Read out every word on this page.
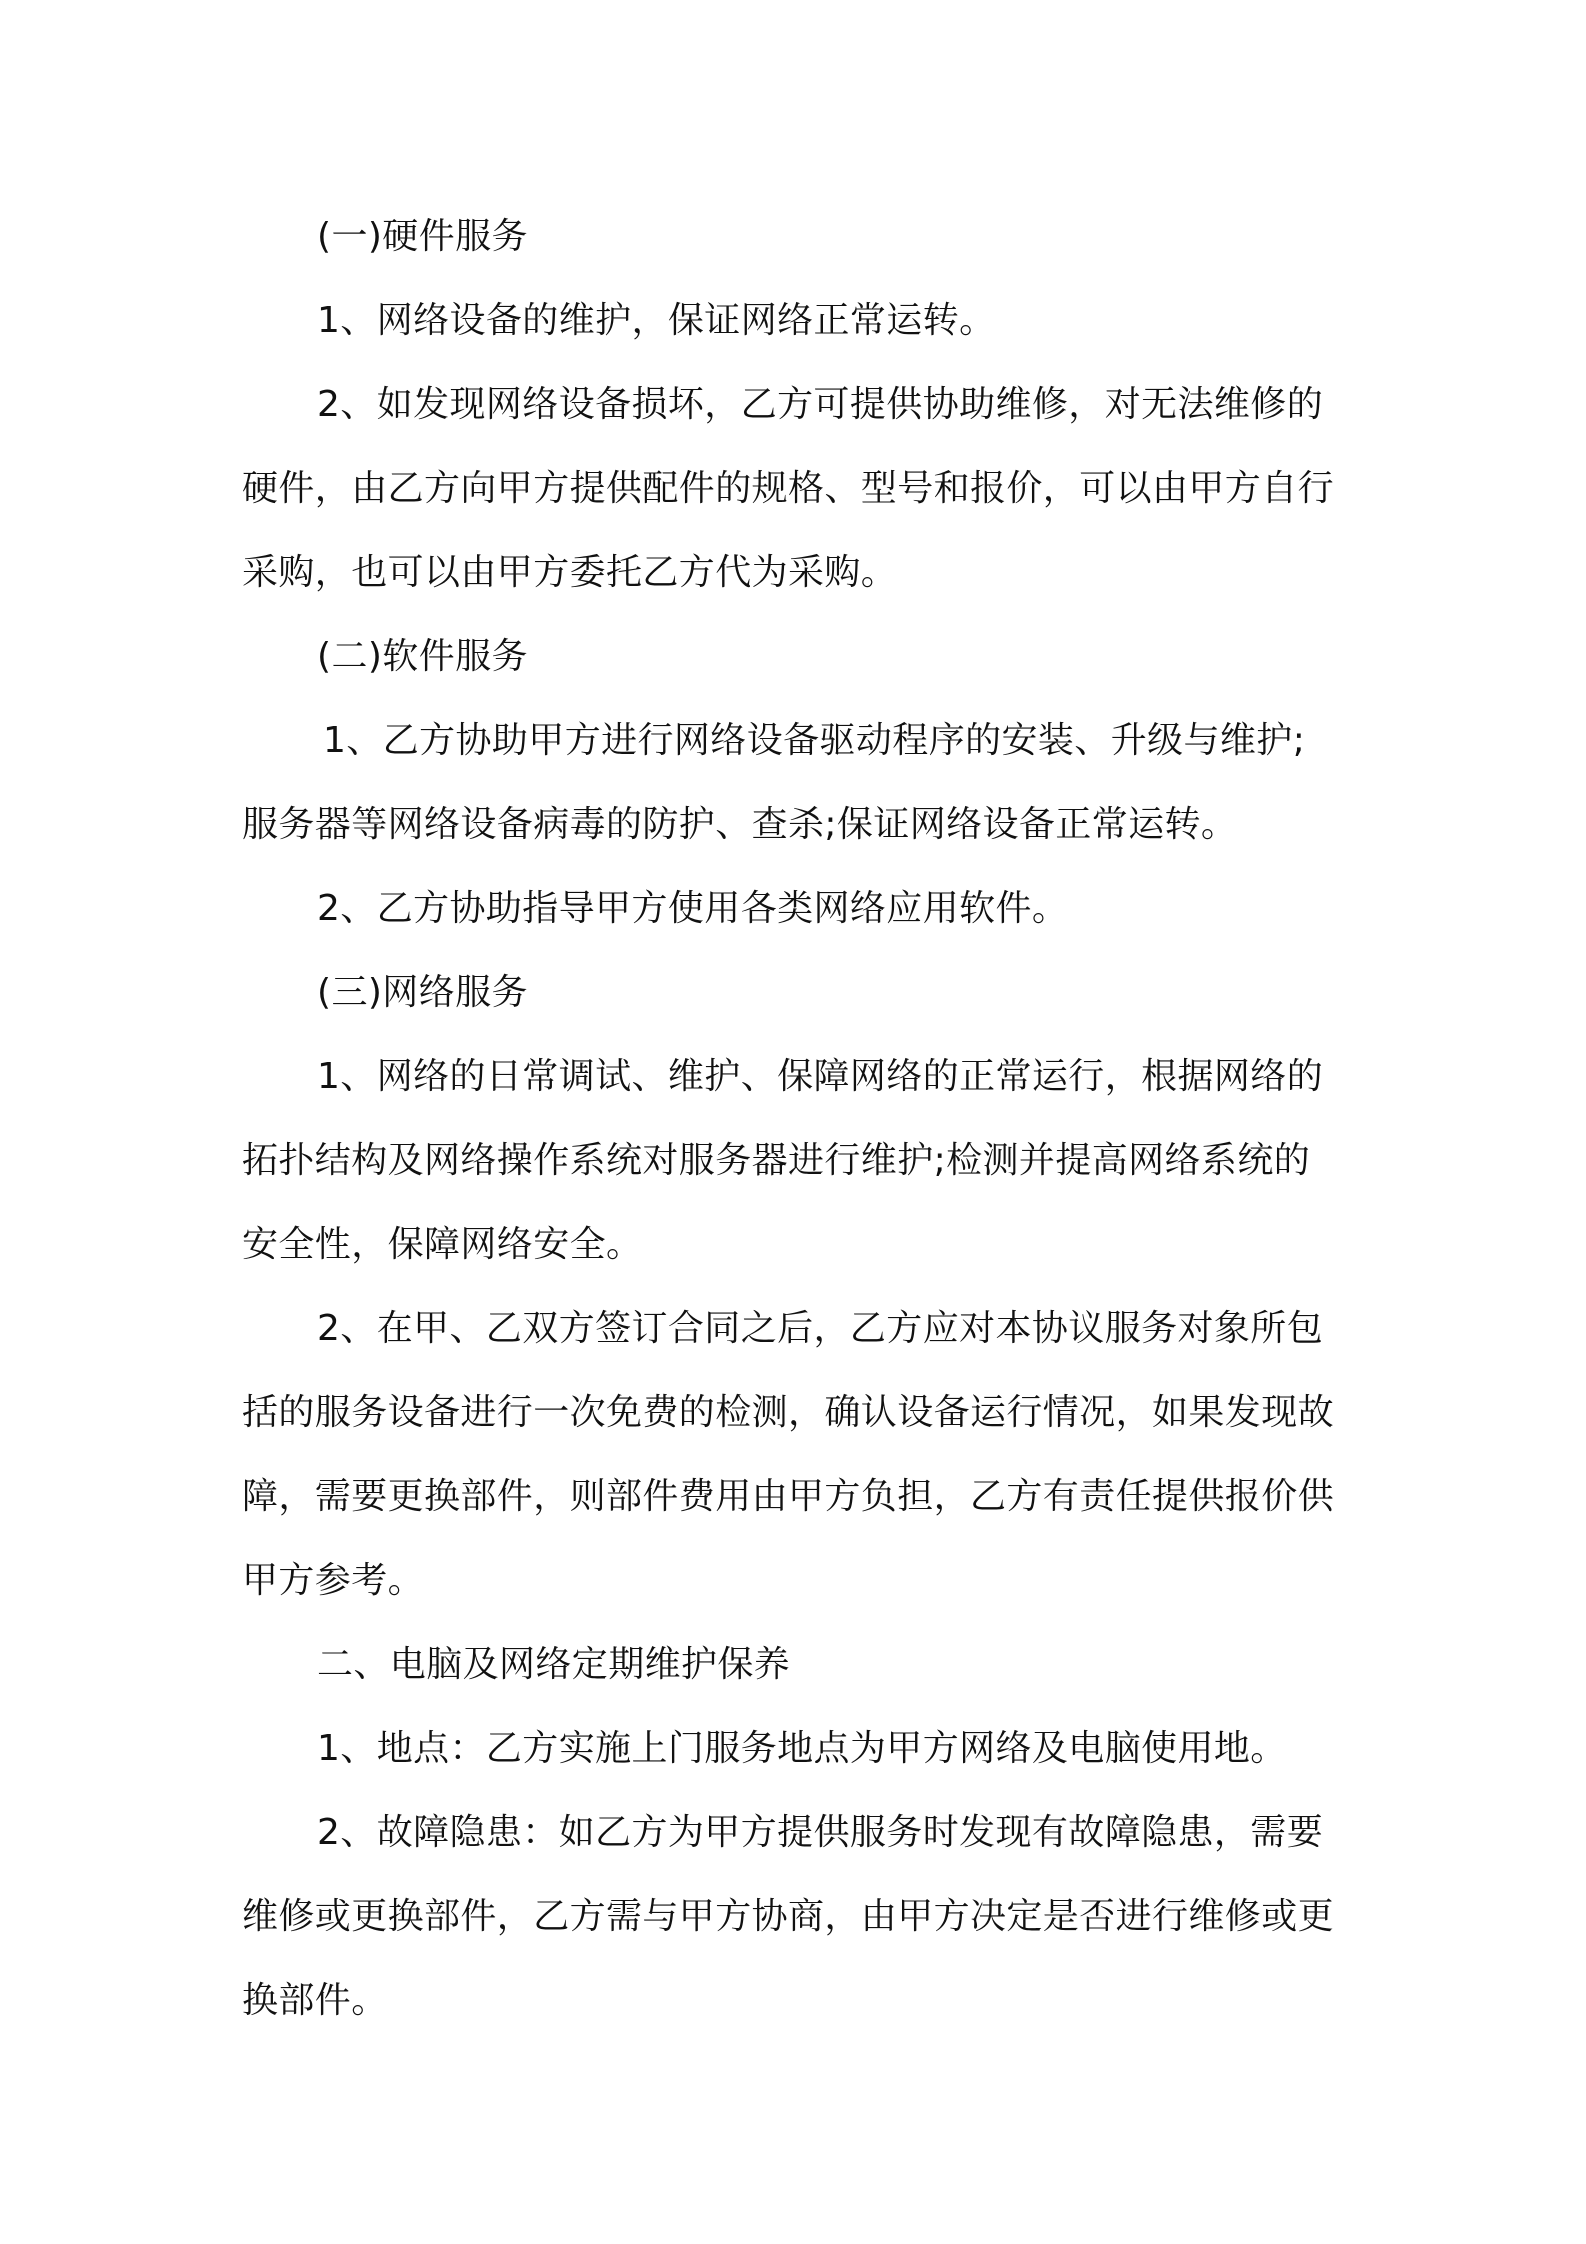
(一)硬件服务
1、网络设备的维护，保证网络正常运转。
2、如发现网络设备损坏，乙方可提供协助维修，对无法维修的
硬件，由乙方向甲方提供配件的规格、型号和报价，可以由甲方自行
采购，也可以由甲方委托乙方代为采购。
(二)软件服务
1、乙方协助甲方进行网络设备驱动程序的安装、升级与维护;
服务器等网络设备病毒的防护、查杀;保证网络设备正常运转。
2、乙方协助指导甲方使用各类网络应用软件。
(三)网络服务
1、网络的日常调试、维护、保障网络的正常运行，根据网络的
拓扑结构及网络操作系统对服务器进行维护;检测并提高网络系统的
安全性，保障网络安全。
2、在甲、乙双方签订合同之后，乙方应对本协议服务对象所包
括的服务设备进行一次免费的检测，确认设备运行情况，如果发现故
障，需要更换部件，则部件费用由甲方负担，乙方有责任提供报价供
甲方参考。
二、电脑及网络定期维护保养
1、地点：乙方实施上门服务地点为甲方网络及电脑使用地。
2、故障隐患：如乙方为甲方提供服务时发现有故障隐患，需要
维修或更换部件，乙方需与甲方协商，由甲方决定是否进行维修或更
换部件。
